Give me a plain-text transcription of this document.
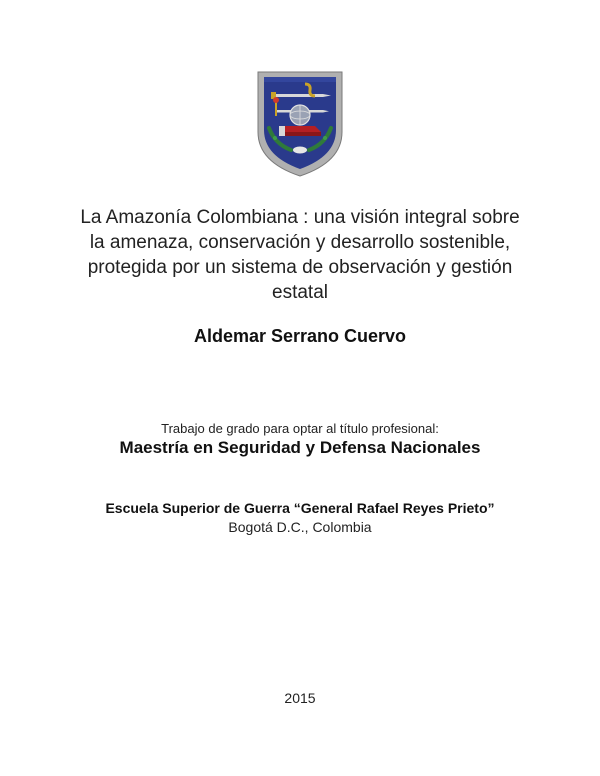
La Amazonía Colombiana : una visión integral sobre la amenaza, conservación y desarrollo sostenible, protegida por un sistema de observación y gestión estatal
Aldemar Serrano Cuervo
Trabajo de grado para optar al título profesional:
Maestría en Seguridad y Defensa Nacionales
Escuela Superior de Guerra “General Rafael Reyes Prieto”
Bogotá D.C., Colombia
2015
